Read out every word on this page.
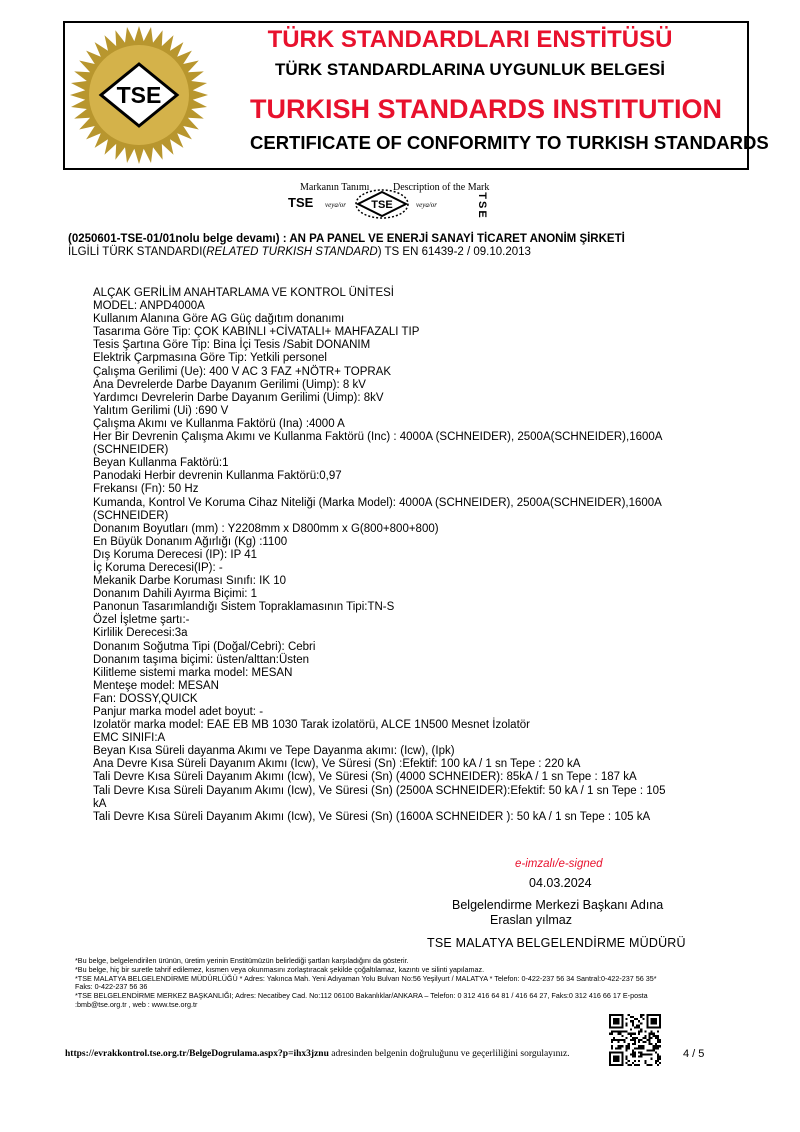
TSE
TÜRK STANDARDLARI ENSTİTÜSÜ
TÜRK STANDARDLARINA UYGUNLUK BELGESİ
TURKISH STANDARDS INSTITUTION
CERTIFICATE OF CONFORMITY TO TURKISH STANDARDS
Markanın Tanımı Description of the Mark
TSE veya/or TSE	veya/or	TSE
(0250601-TSE-01/01nolu belge devamı) : AN PA PANEL VE ENERJİ SANAYİ TİCARET ANONİM ŞİRKETİ
İLGİLİ TÜRK STANDARDI(RELATED TURKISH STANDARD) TS EN 61439-2 / 09.10.2013
ALÇAK GERİLİM ANAHTARLAMA VE KONTROL ÜNİTESİ
MODEL: ANPD4000A
Kullanım Alanına Göre AG Güç dağıtım donanımı
Tasarıma Göre Tip: ÇOK KABINLI +CİVATALI+ MAHFAZALI TIP
Tesis Şartına Göre Tip: Bina İçi Tesis /Sabit DONANIM
Elektrik Çarpmasına Göre Tip: Yetkili personel
Çalışma Gerilimi (Ue): 400 V AC 3 FAZ +NÖTR+ TOPRAK
Ana Devrelerde Darbe Dayanım Gerilimi (Uimp): 8 kV
Yardımcı Devrelerin Darbe Dayanım Gerilimi (Uimp): 8kV
Yalıtım Gerilimi (Ui) :690 V
Çalışma Akımı ve Kullanma Faktörü (Ina) :4000 A
Her Bir Devrenin Çalışma Akımı ve Kullanma Faktörü (Inc) : 4000A (SCHNEIDER), 2500A(SCHNEIDER),1600A
(SCHNEIDER)
Beyan Kullanma Faktörü:1
Panodaki Herbir devrenin Kullanma Faktörü:0,97
Frekansı (Fn): 50 Hz
Kumanda, Kontrol Ve Koruma Cihaz Niteliği (Marka Model): 4000A (SCHNEIDER), 2500A(SCHNEIDER),1600A
(SCHNEIDER)
Donanım Boyutları (mm) : Y2208mm x D800mm x G(800+800+800)
En Büyük Donanım Ağırlığı (Kg) :1100
Dış Koruma Derecesi (IP): IP 41
İç Koruma Derecesi(IP): -
Mekanik Darbe Koruması Sınıfı: IK 10
Donanım Dahili Ayırma Biçimi: 1
Panonun Tasarımlandığı Sistem Topraklamasının Tipi:TN-S
Özel İşletme şartı:-
Kirlilik Derecesi:3a
Donanım Soğutma Tipi (Doğal/Cebri): Cebri
Donanım taşıma biçimi: üsten/alttan:Üsten
Kilitleme sistemi marka model: MESAN
Menteşe model: MESAN
Fan: DOSSY,QUICK
Panjur marka model adet boyut: -
Izolatör marka model: EAE EB MB 1030 Tarak izolatörü, ALCE 1N500 Mesnet İzolatör
EMC SINIFI:A
Beyan Kısa Süreli dayanma Akımı ve Tepe Dayanma akımı: (Icw), (Ipk)
Ana Devre Kısa Süreli Dayanım Akımı (Icw), Ve Süresi (Sn) :Efektif: 100 kA / 1 sn Tepe : 220 kA
Tali Devre Kısa Süreli Dayanım Akımı (Icw), Ve Süresi (Sn) (4000 SCHNEIDER): 85kA / 1 sn Tepe : 187 kA
Tali Devre Kısa Süreli Dayanım Akımı (Icw), Ve Süresi (Sn) (2500A SCHNEIDER):Efektif: 50 kA / 1 sn Tepe : 105
kA
Tali Devre Kısa Süreli Dayanım Akımı (Icw), Ve Süresi (Sn) (1600A SCHNEIDER ): 50 kA / 1 sn Tepe : 105 kA
e-imzalı/e-signed
04.03.2024
Belgelendirme Merkezi Başkanı Adına
Eraslan yılmaz
TSE MALATYA BELGELENDİRME MÜDÜRÜ
*Bu belge, belgelendirilen ürünün, üretim yerinin Enstitümüzün belirlediği şartları karşıladığını da gösterir.
*Bu belge, hiç bir suretle tahrif edilemez, kısmen veya okunmasını zorlaştıracak şekilde çoğaltılamaz, kazıntı ve silinti yapılamaz.
*TSE MALATYA BELGELENDİRME MÜDÜRLÜĞÜ * Adres: Yakınca Mah. Yeni Adıyaman Yolu Bulvarı No:56 Yeşilyurt / MALATYA * Telefon: 0-422-237 56 34 Santral:0-422-237 56 35*
Faks: 0-422-237 56 36
*TSE BELGELENDİRME MERKEZ BAŞKANLIĞI; Adres: Necatibey Cad. No:112 06100 Bakanlıklar/ANKARA – Telefon: 0 312 416 64 81 / 416 64 27, Faks:0 312 416 66 17 E-posta
:bmb@tse.org.tr , web : www.tse.org.tr
https://evrakkontrol.tse.org.tr/BelgeDogrulama.aspx?p=ihx3jznu adresinden belgenin doğruluğunu ve geçerliliğini sorgulayınız.	4 / 5
